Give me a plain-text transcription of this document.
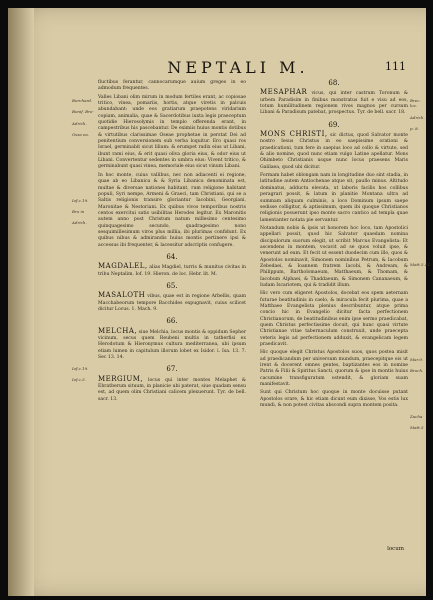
NEPTALI M.	111
Borchard.
Bonif. Bro-
Adrich.
Ossa ea.
Iof.c.19.
Bro in
Adrich.
Iof.c.19.
Iof.c.5.

fluctibus ferantur, cannocarumque auium greges in eo admodum frequentes.

Valles Libani olim mirum in modum fertiles erant, ac copiosae tritico, vinea, pomariis, hortis, atque viretis in palcuis abundabant: unde eos gratiarum praepotens viridarium copiam, animalia, quae & Sacerdotibus iuxta legis praeceptum quotidie Hierosolymis in templo offerenda erant, in campestribus his pascebantur. De eximiis huius montis dotibus & virtutibus clarissimae Oseae prophetae in perstat Dei ad penitentium conversionem sub verba loquitur. Ero quasi ros Israel, germinabit sicut lilium: & erumpet radix eius ut Libani, ibunt rami eius, & erit quasi oliva gloria eius, & odor eius ut Libani. Convertentur sedentes in umbra eius: Vivent tritico, & germinabunt quasi vinea, memoriale eius sicut vinum Libani.

In hoc monte, cuius vallibus, nec non adiacenti ei regione, quae ab eo Libanica & & Syria Libanica denominata est, multae & diversae nationes habitant, rum religione habitant populi, Syri nempe, Armeni & Graeci, tam Christiani, qui se a Saltis religionis transire gloriantur Iacobini, Georgiani, Maronitae & Nestoriani. Ex quibus vivos temporibus nostris centos exercitui satis usibilitas Herodes legitur. Ex Maronitis autem anno post Christum natum millesimo centesimo quinquagesimo secundo, quadragesimo nono sesquimillesimum viros plus millia, ibi plurimas confidunt. Ex quibus nibus & admirandis huius montis pertinere ipsi & accessus ibi frequenter, & lacessitur adscriptis confugere.

64.

MAGDALEL, alias Magdiel, turris & munitus civitas in tribu Neptalim. Iof. 19. Hieron. de loc. Hebr. lit. M.

65.

MASALOTH vibus, quae est in regione Arbellis, quam Macchabeorum tempore Bacchides expugnavit, cuius scilicet dicitur Locus. 1. Mach. 9.

66.

MELCHA, siue Melchia, locus montis & oppidum Sepher vicinum, secus quem Reubeni multis in tatherfisi ex Herodotum & Hieronymus cultura mediterranea, ubi ipsum etiam lumen in capitulum illorum lobet ex Isidor. i. Isa. 13. 7. Sec 13. 14.

67.

MERGIUM, locus qui inter montes Melaphet & Ebratberum situum, in planicie ubi paterat, siue quadam sensu est, ad quem olim Christiani calicem plexuerunt. Tyr. de bell. sacr. 13.

68.

MESAPHAR vicus, qui inter castrum Toronum & urbem Paradisim in finibus monstratus fuit e visu ad eos, totum humilitudinem regionem rivos magnos per cursum Libani & Paradisum patebat, prospectus. Tyr. de bell. sacr. 18.

69.

MONS CHRISTI, sic dictus, quod Salvator monte nostro Iesus Christus in eo saepissime orationi & praedicationi, tum fere in saepius loco ad collo & virtute, sed & alio nomine, quod nunc etiam vulgo Latine apellatur. Mons Ohimbeto Christianis usque nunc locus praesens Maris Galilaea, quod ubi dicitur.

Formam habet oblongam nam in longitudine duo sint stadia, in latitudine autem Antiochenae atque sit, paullo minus. Altitudo dominatus, adductu elevata, ut laboris facilis hos collibus peragrari possit, & latum in planitie Montana ultra ad summam aliquam culminis, a loco Dominum ipsum saepe sedisse colligitur, & aptissimum, quem ibi quoque Christianos religionis posuerunt ipso monte sacro cantico ad templa quae lamentanter notata pie servantur.

Notandum nobis & ipsis ut honorem hoc loco, tam Apostolici appellari possit, quod hic Salvator quaedam nomina discipulorum suorum elegit, ut scribit Marcus Evangelista: Et ascendens in montem, vocavit ad se quos voluit ipse, & venerunt ad eum. Et fecit ut essent duodecim cum illo, quos & Apostolos nominavit, Simonem nominibus Petrum, & Iacobum Zebedaei, & Ioannem fratrem Iacobi, & Andream, & Philippum, Bartholomaeum, Matthaeum, & Thomam, & Iacobum Alphaei, & Thaddaeum, & Simonem Cananaeum, & Iudam Iscariotem, qui & tradidit illum.

Hic vero cum eligeret Apostolos, docebat eos spem aeternam futurae beatitudinis in caelo, & miracula fecit plurima, quae a Matthaeo Evangelista plenius describuntur, atque prima concio hic in Evangelio dicitur facta perfectionem Christianorum, de beatitudinibus enim ipse sermo praedicabat, quem Christus perfectissime docuit, qui hunc quasi virtute Christianae vitae tabernaculum construxit, unde praecepta veteris legis ad perfectionem adduxit, & evangelicam legem praedicavit.

Hic quoque elegit Christus Apostolos suos, quos postea misit ad praedicandum per universum mundum, praecepitque eis ut irent & docerent omnes gentes, baptizantes eos in nomine Patris & Filii & Spiritus Sancti, quorum & ipse in montis huius cacumine transfiguratum ostendit, & gloriam suam manifestavit.

Sunt qui Christum hoc quoque in monte docuisse putant Apostolos orare, & hic etiam dicunt eum dixisse, Vos estis lux mundi, & non potest civitas abscondi supra montem posita.

Brec. loc.
Adrich.
p. 8.
Matt.5.14.
Mar.9.
Broch.
Zacha
Matt.5
locum
